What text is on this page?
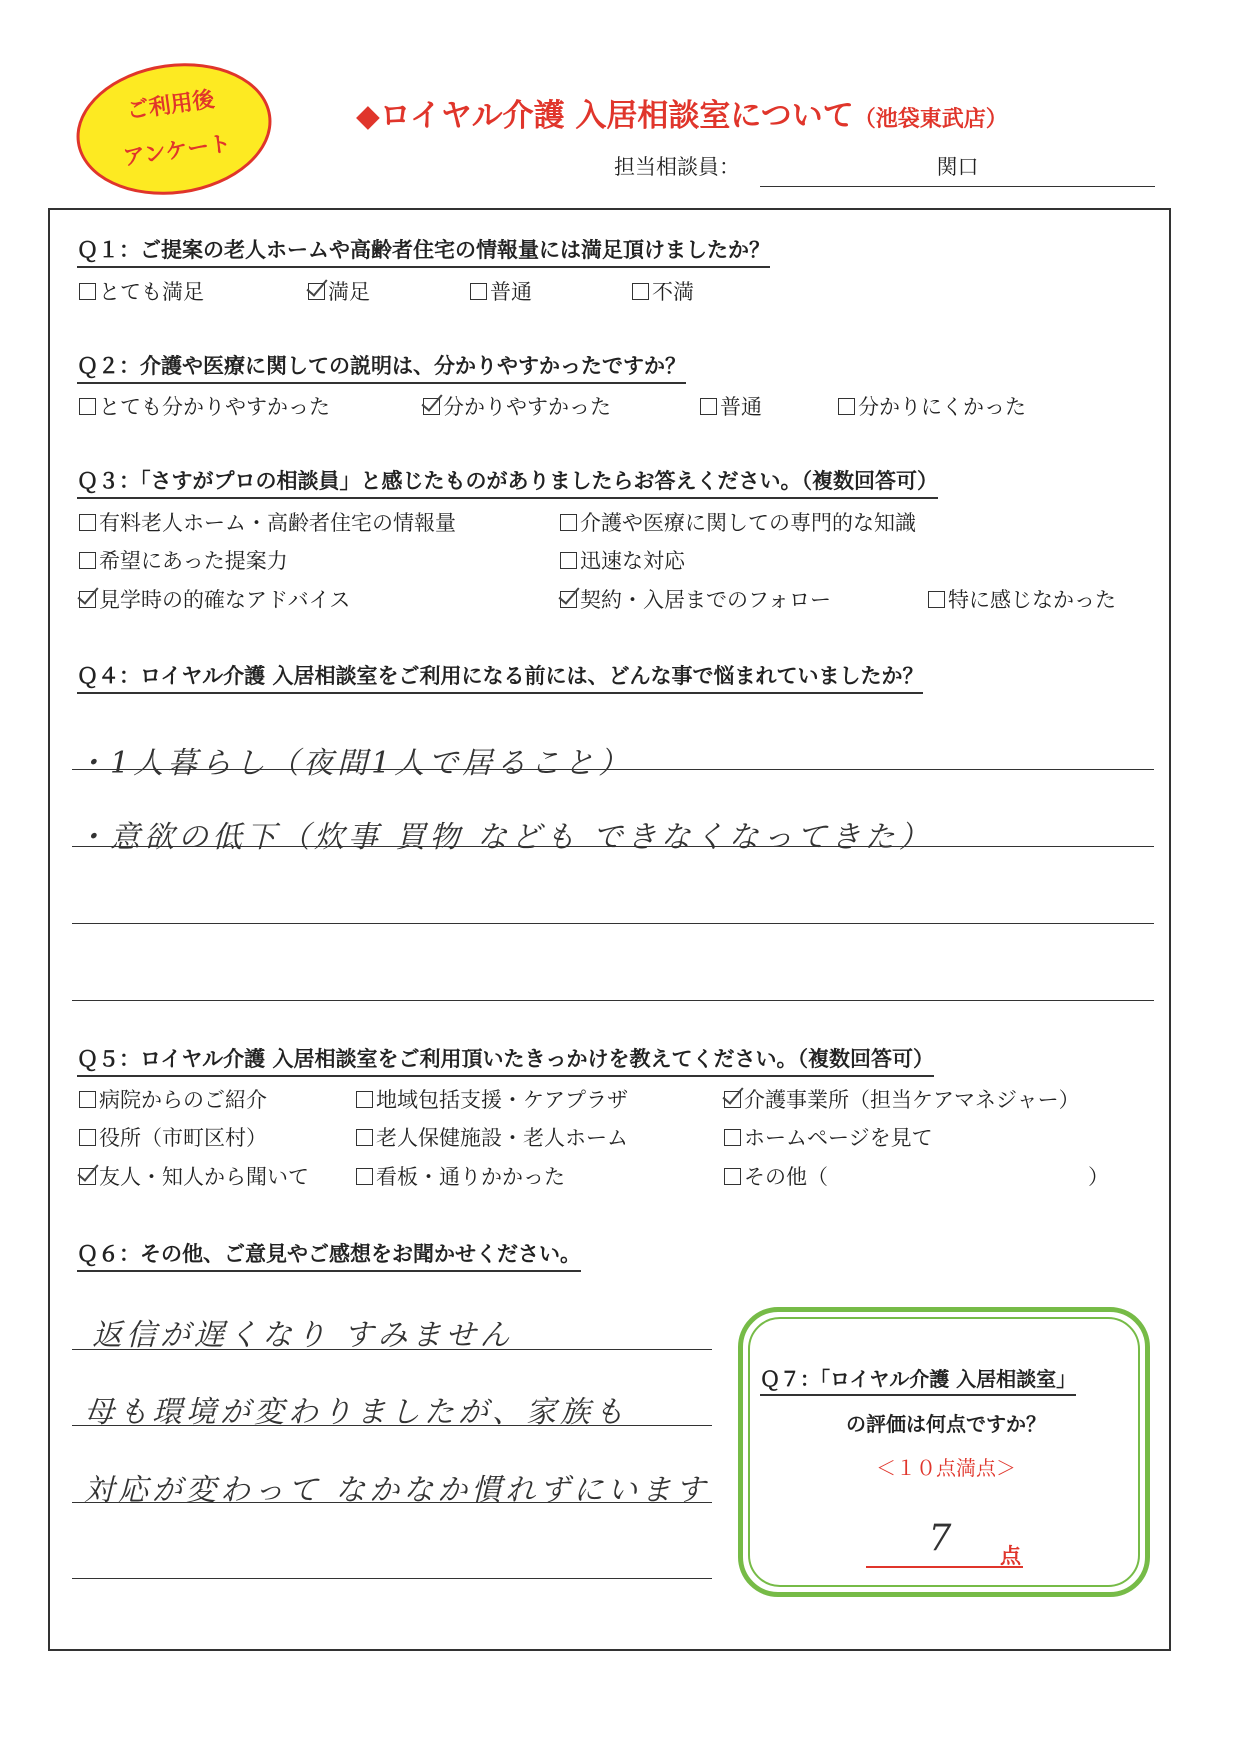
ご利用後
アンケート
◆ロイヤル介護 入居相談室について（池袋東武店）
担当相談員：	関口
Ｑ１：ご提案の老人ホームや高齢者住宅の情報量には満足頂けましたか？
とても満足	満足	普通	不満
Ｑ２：介護や医療に関しての説明は、分かりやすかったですか？
とても分かりやすかった	分かりやすかった	普通	分かりにくかった
Ｑ３：「さすがプロの相談員」と感じたものがありましたらお答えください。（複数回答可）
有料老人ホーム・高齢者住宅の情報量	介護や医療に関しての専門的な知識
希望にあった提案力	迅速な対応
見学時の的確なアドバイス	契約・入居までのフォロー	特に感じなかった
Ｑ４：ロイヤル介護 入居相談室をご利用になる前には、どんな事で悩まれていましたか？
・1人暮らし（夜間1人で居ること）
・意欲の低下（炊事 買物 なども できなくなってきた）
Ｑ５：ロイヤル介護 入居相談室をご利用頂いたきっかけを教えてください。（複数回答可）
病院からのご紹介	地域包括支援・ケアプラザ	介護事業所（担当ケアマネジャー）
役所（市町区村）	老人保健施設・老人ホーム	ホームページを見て
友人・知人から聞いて	看板・通りかかった	その他（	）
Ｑ６：その他、ご意見やご感想をお聞かせください。
返信が遅くなり すみません
母も環境が変わりましたが、家族も
対応が変わって なかなか慣れずにいます
Ｑ７：「ロイヤル介護 入居相談室」
の評価は何点ですか？
＜１０点満点＞
7	点
